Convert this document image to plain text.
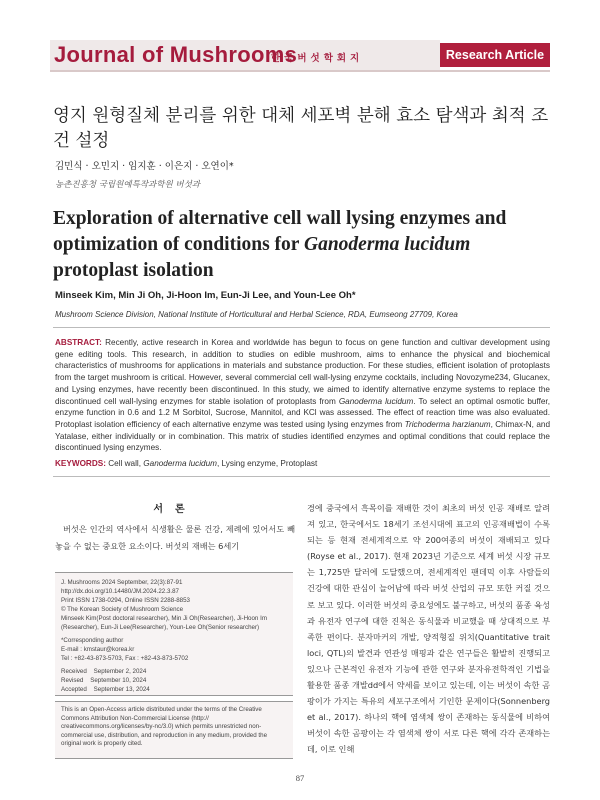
Journal of Mushrooms
한국버섯학회지	Research Article
영지 원형질체 분리를 위한 대체 세포벽 분해 효소 탐색과 최적 조건 설정
김민식 · 오민지 · 임지훈 · 이은지 · 오연이*
농촌진흥청 국립원예특작과학원 버섯과
Exploration of alternative cell wall lysing enzymes and optimization of conditions for Ganoderma lucidum protoplast isolation
Minseek Kim, Min Ji Oh, Ji-Hoon Im, Eun-Ji Lee, and Youn-Lee Oh*
Mushroom Science Division, National Institute of Horticultural and Herbal Science, RDA, Eumseong 27709, Korea
ABSTRACT: Recently, active research in Korea and worldwide has begun to focus on gene function and cultivar development using gene editing tools. This research, in addition to studies on edible mushroom, aims to enhance the physical and biochemical characteristics of mushrooms for applications in materials and substance production. For these studies, efficient isolation of protoplasts from the target mushroom is critical. However, several commercial cell wall-lysing enzyme cocktails, including Novozyme234, Glucanex, and Lysing enzymes, have recently been discontinued. In this study, we aimed to identify alternative enzyme systems to replace the discontinued cell wall-lysing enzymes for stable isolation of protoplasts from Ganoderma lucidum. To select an optimal osmotic buffer, enzyme function in 0.6 and 1.2 M Sorbitol, Sucrose, Mannitol, and KCl was assessed. The effect of reaction time was also evaluated. Protoplast isolation efficiency of each alternative enzyme was tested using lysing enzymes from Trichoderma harzianum, Chimax-N, and Yatalase, either individually or in combination. This matrix of studies identified enzymes and optimal conditions that could replace the discontinued lysing enzymes.
KEYWORDS: Cell wall, Ganoderma lucidum, Lysing enzyme, Protoplast
서론
버섯은 인간의 역사에서 식생활은 물론 건강, 제례에 있어서도 빼놓을 수 없는 중요한 요소이다. 버섯의 재배는 6세기
J. Mushrooms 2024 September, 22(3):87-91
http://dx.doi.org/10.14480/JM.2024.22.3.87
Print ISSN 1738-0294, Online ISSN 2288-8853
© The Korean Society of Mushroom Science
Minseek Kim(Post doctoral researcher), Min Ji Oh(Researcher), Ji-Hoon Im (Researcher), Eun-Ji Lee(Researcher), Youn-Lee Oh(Senior researcher)
*Corresponding author
E-mail : kmstaur@korea.kr
Tel : +82-43-873-5703, Fax : +82-43-873-5702
Received    September 2, 2024
Revised    September 10, 2024
Accepted    September 13, 2024
This is an Open-Access article distributed under the terms of the Creative Commons Attribution Non-Commercial License (http:// creativecommons.org/licenses/by-nc/3.0) which permits unrestricted non-commercial use, distribution, and reproduction in any medium, provided the original work is properly cited.
경에 중국에서 흑목이를 재배한 것이 최초의 버섯 인공 재배로 알려져 있고, 한국에서도 18세기 조선시대에 표고의 인공재배법이 수록되는 등 현재 전세계적으로 약 200여종의 버섯이 재배되고 있다(Royse et al., 2017). 현재 2023년 기준으로 세계 버섯 시장 규모는 1,725만 달러에 도달했으며, 전세계적인 팬데믹 이후 사람들의 건강에 대한 관심이 늘어남에 따라 버섯 산업의 규모 또한 커질 것으로 보고 있다. 이러한 버섯의 중요성에도 불구하고, 버섯의 품종 육성과 유전자 연구에 대한 진척은 동식물과 비교했을 때 상대적으로 부족한 편이다. 분자마커의 개발, 양적형질 위치(Quantitative trait loci, QTL)의 발견과 연관성 매핑과 같은 연구들은 활발히 진행되고 있으나 근본적인 유전자 기능에 관한 연구와 분자유전학적인 기법을 활용한 품종 개발dd에서 약세를 보이고 있는데, 이는 버섯이 속한 곰팡이가 가지는 특유의 세포구조에서 기인한 문제이다(Sonnenberg et al., 2017). 하나의 핵에 염색체 쌍이 존재하는 동식물에 비하여 버섯이 속한 곰팡이는 각 염색체 쌍이 서로 다른 핵에 각각 존재하는데, 이로 인해
87
